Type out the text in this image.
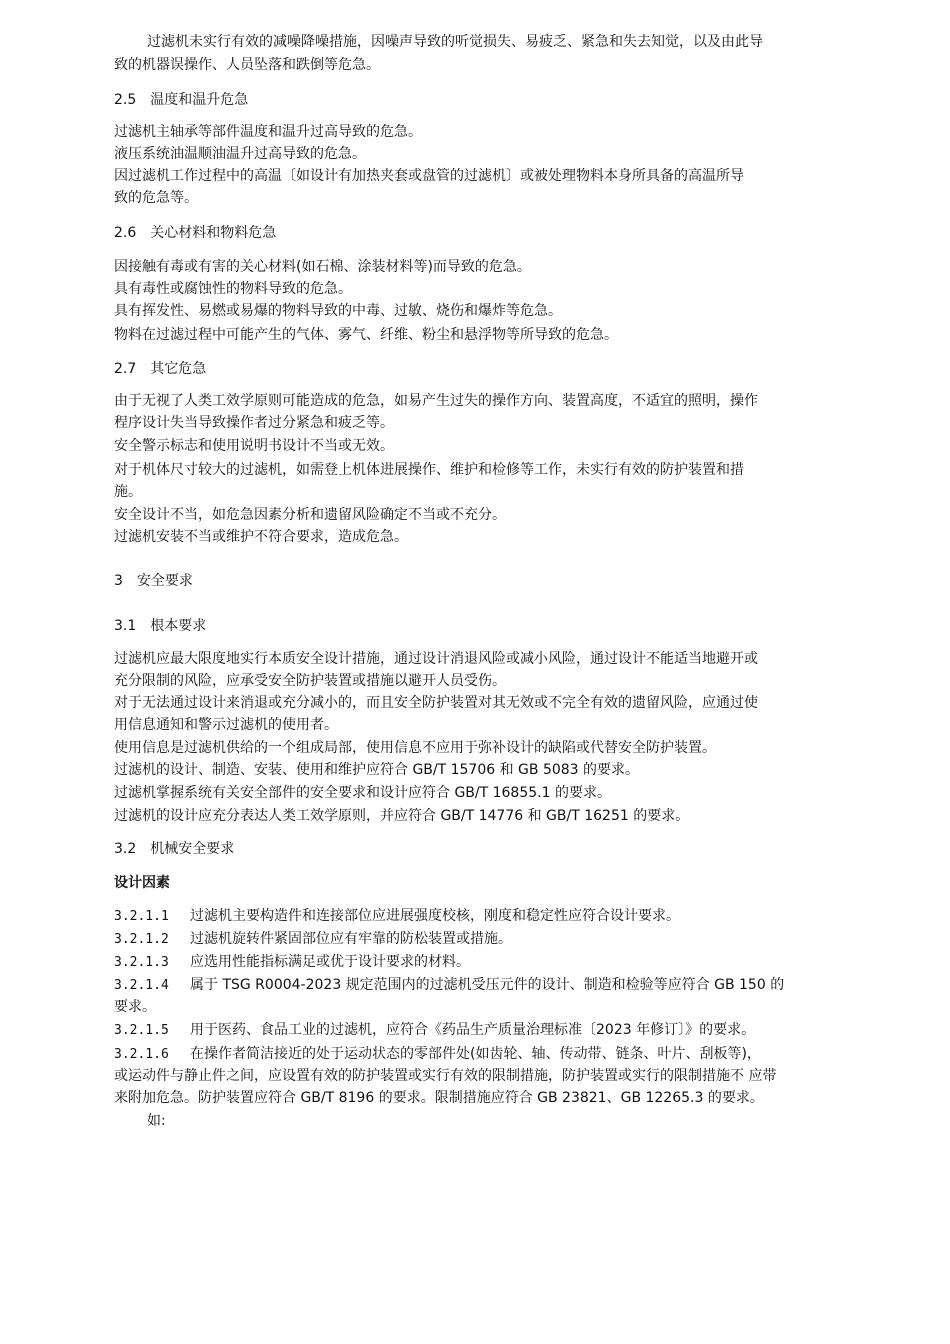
过滤机未实行有效的减噪降噪措施，因噪声导致的听觉损失、易疲乏、紧急和失去知觉，以及由此导
致的机器误操作、人员坠落和跌倒等危急。
2.5 温度和温升危急
过滤机主轴承等部件温度和温升过高导致的危急。
液压系统油温顺油温升过高导致的危急。
因过滤机工作过程中的高温〔如设计有加热夹套或盘管的过滤机〕或被处理物料本身所具备的高温所导
致的危急等。
2.6 关心材料和物料危急
因接触有毒或有害的关心材料(如石棉、涂装材料等)而导致的危急。
具有毒性或腐蚀性的物料导致的危急。
具有挥发性、易燃或易爆的物料导致的中毒、过敏、烧伤和爆炸等危急。
物料在过滤过程中可能产生的气体、雾气、纤维、粉尘和悬浮物等所导致的危急。
2.7 其它危急
由于无视了人类工效学原则可能造成的危急，如易产生过失的操作方向、装置高度，不适宜的照明，操作
程序设计失当导致操作者过分紧急和疲乏等。
安全警示标志和使用说明书设计不当或无效。
对于机体尺寸较大的过滤机，如需登上机体进展操作、维护和检修等工作，未实行有效的防护装置和措
施。
安全设计不当，如危急因素分析和遗留风险确定不当或不充分。
过滤机安装不当或维护不符合要求，造成危急。
3 安全要求
3.1 根本要求
过滤机应最大限度地实行本质安全设计措施，通过设计消退风险或减小风险，通过设计不能适当地避开或
充分限制的风险，应承受安全防护装置或措施以避开人员受伤。
对于无法通过设计来消退或充分减小的，而且安全防护装置对其无效或不完全有效的遗留风险，应通过使
用信息通知和警示过滤机的使用者。
使用信息是过滤机供给的一个组成局部，使用信息不应用于弥补设计的缺陷或代替安全防护装置。
过滤机的设计、制造、安装、使用和维护应符合 GB/T 15706 和 GB 5083 的要求。
过滤机掌握系统有关安全部件的安全要求和设计应符合 GB/T 16855.1 的要求。
过滤机的设计应充分表达人类工效学原则，并应符合 GB/T 14776 和 GB/T 16251 的要求。
3.2 机械安全要求
设计因素
3.2.1.1 过滤机主要构造件和连接部位应进展强度校核，刚度和稳定性应符合设计要求。
3.2.1.2 过滤机旋转件紧固部位应有牢靠的防松装置或措施。
3.2.1.3 应选用性能指标满足或优于设计要求的材料。
3.2.1.4 属于 TSG R0004-2023 规定范围内的过滤机受压元件的设计、制造和检验等应符合 GB 150 的
要求。
3.2.1.5 用于医药、食品工业的过滤机，应符合《药品生产质量治理标准〔2023 年修订〕》的要求。
3.2.1.6 在操作者简洁接近的处于运动状态的零部件处(如齿轮、轴、传动带、链条、叶片、刮板等)，
或运动件与静止件之间，应设置有效的防护装置或实行有效的限制措施，防护装置或实行的限制措施不 应带
来附加危急。防护装置应符合 GB/T 8196 的要求。限制措施应符合 GB 23821、GB 12265.3 的要求。
如:
